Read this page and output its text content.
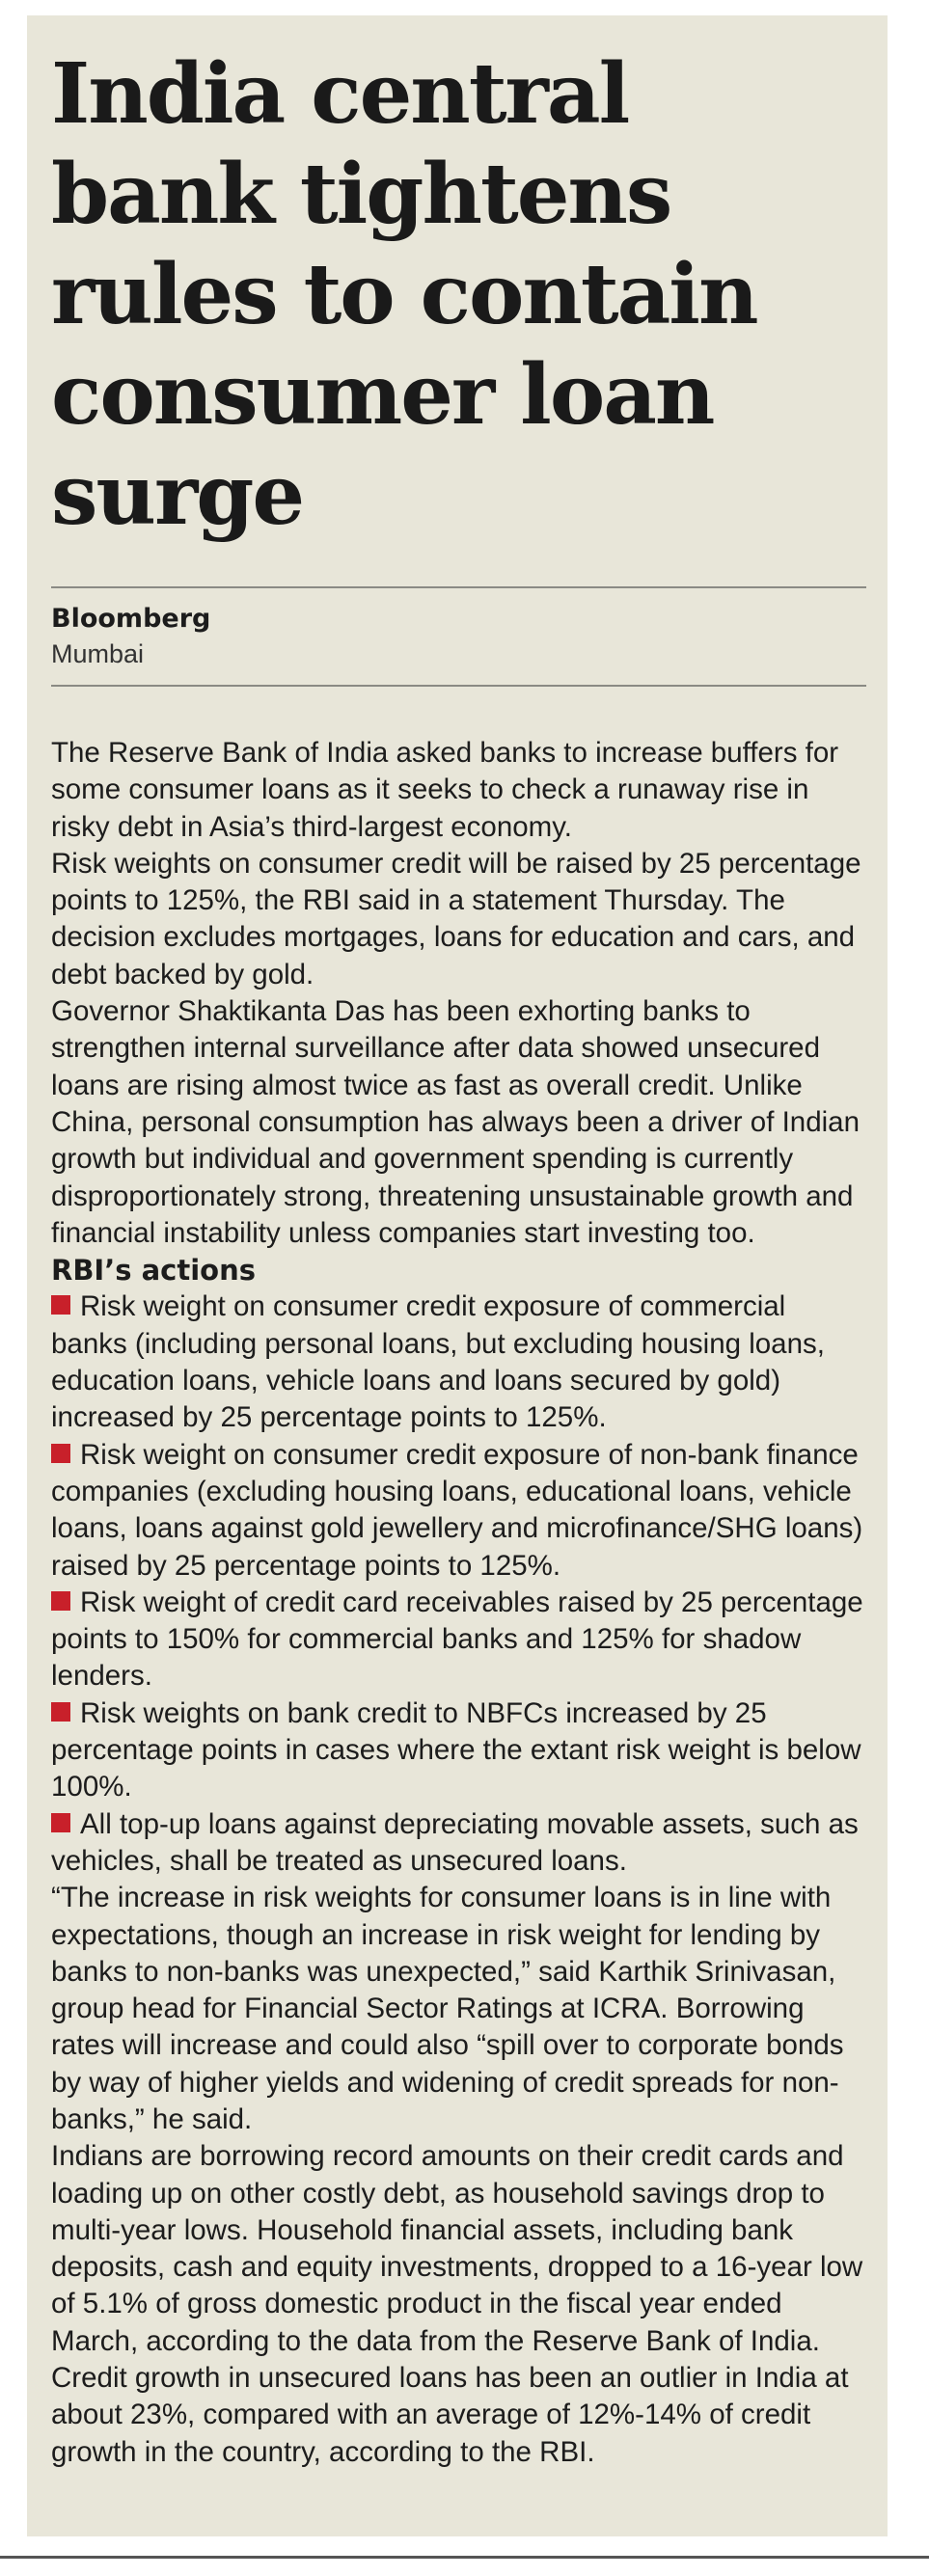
India central bank tightens rules to contain consumer loan surge
Bloomberg
Mumbai

The Reserve Bank of India asked banks to increase buffers for some consumer loans as it seeks to check a runaway rise in risky debt in Asia’s third-largest economy.

Risk weights on consumer credit will be raised by 25 percentage points to 125%, the RBI said in a statement Thursday. The decision excludes mortgages, loans for education and cars, and debt backed by gold.

Governor Shaktikanta Das has been exhorting banks to strengthen internal surveillance after data showed unsecured loans are rising almost twice as fast as overall credit. Unlike China, personal consumption has always been a driver of Indian growth but individual and government spending is currently disproportionately strong, threatening unsustainable growth and financial instability unless companies start investing too.

RBI’s actions

Risk weight on consumer credit exposure of commercial banks (including personal loans, but excluding housing loans, education loans, vehicle loans and loans secured by gold) increased by 25 percentage points to 125%.

Risk weight on consumer credit exposure of non-bank finance companies (excluding housing loans, educational loans, vehicle loans, loans against gold jewellery and microfinance/SHG loans) raised by 25 percentage points to 125%.

Risk weight of credit card receivables raised by 25 percentage points to 150% for commercial banks and 125% for shadow lenders.

Risk weights on bank credit to NBFCs increased by 25 percentage points in cases where the extant risk weight is below 100%.

All top-up loans against depreciating movable assets, such as vehicles, shall be treated as unsecured loans.

“The increase in risk weights for consumer loans is in line with expectations, though an increase in risk weight for lending by banks to non-banks was unexpected,” said Karthik Srinivasan, group head for Financial Sector Ratings at ICRA. Borrowing rates will increase and could also “spill over to corporate bonds by way of higher yields and widening of credit spreads for non-banks,” he said.

Indians are borrowing record amounts on their credit cards and loading up on other costly debt, as household savings drop to multi-year lows. Household financial assets, including bank deposits, cash and equity investments, dropped to a 16-year low of 5.1% of gross domestic product in the fiscal year ended March, according to the data from the Reserve Bank of India.

Credit growth in unsecured loans has been an outlier in India at about 23%, compared with an average of 12%-14% of credit growth in the country, according to the RBI.
